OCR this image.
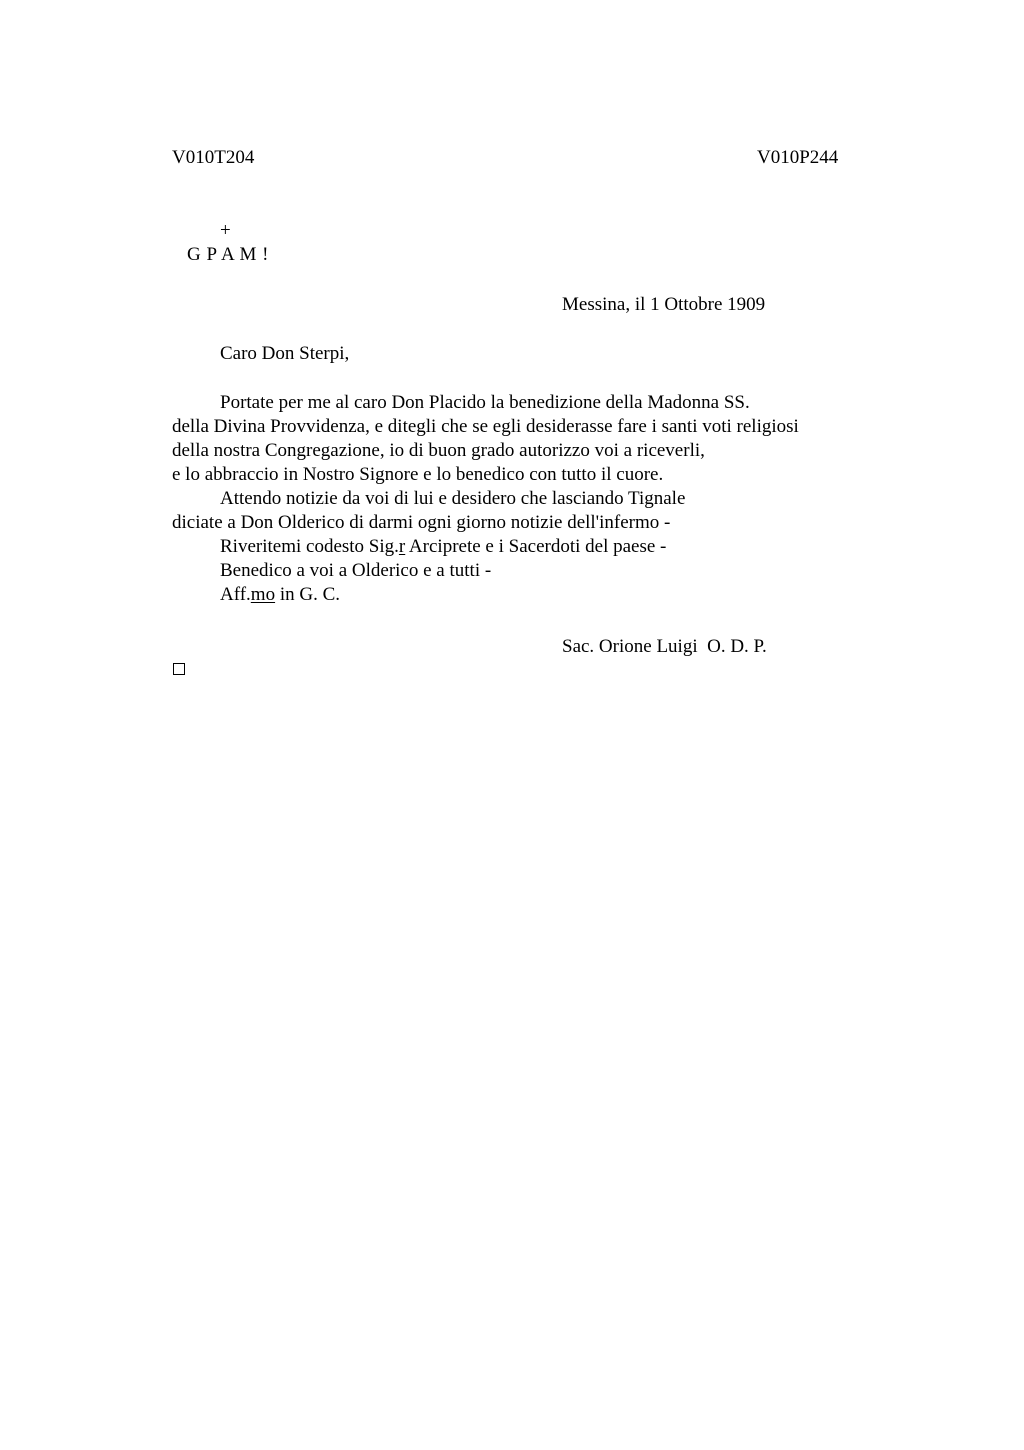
V010T204	V010P244
+
G P A M !
Messina, il 1 Ottobre 1909
Caro Don Sterpi,
Portate per me al caro Don Placido la benedizione della Madonna SS.
della Divina Provvidenza, e ditegli che se egli desiderasse fare i santi voti religiosi
della nostra Congregazione, io di buon grado autorizzo voi a riceverli,
e lo abbraccio in Nostro Signore e lo benedico con tutto il cuore.
Attendo notizie da voi di lui e desidero che lasciando Tignale
diciate a Don Olderico di darmi ogni giorno notizie dell'infermo -
Riveritemi codesto Sig.r Arciprete e i Sacerdoti del paese -
Benedico a voi a Olderico e a tutti -
Aff.mo in G. C.
Sac. Orione Luigi  O. D. P.
